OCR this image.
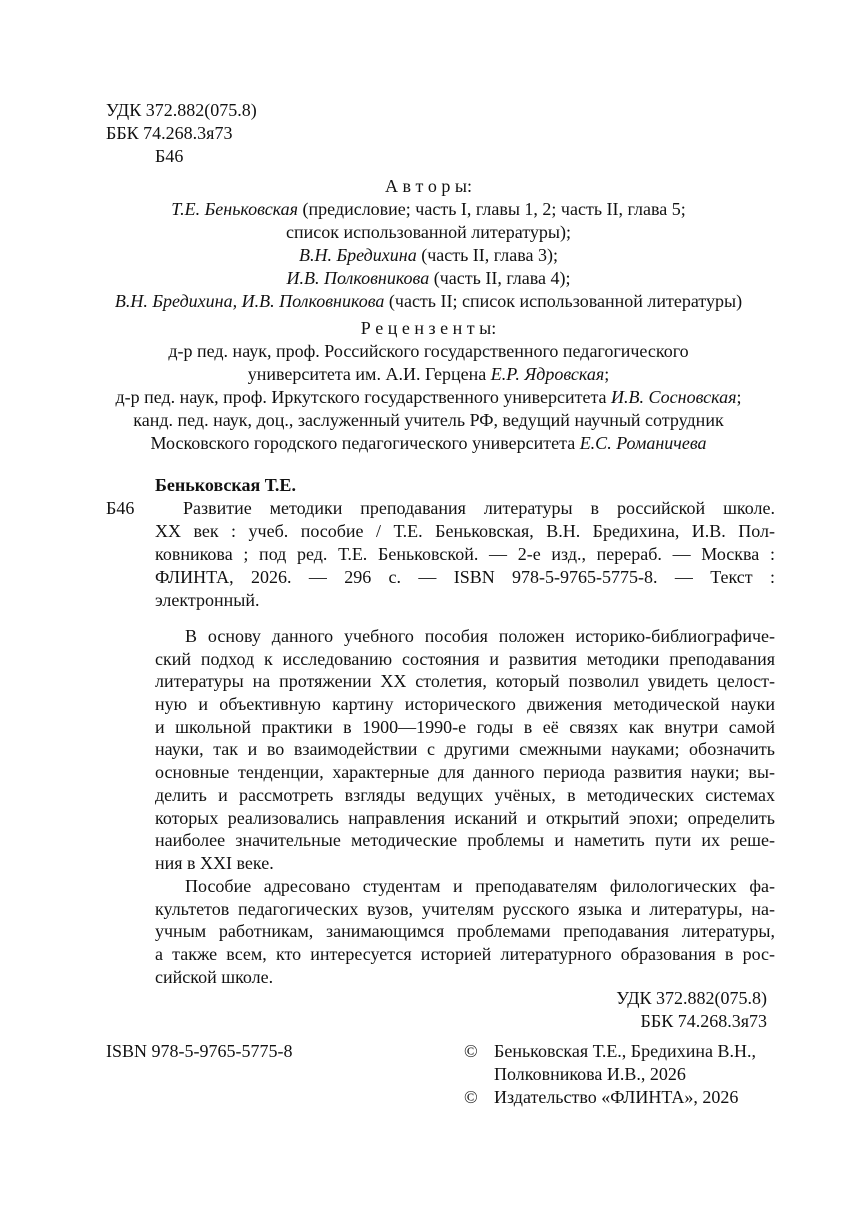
УДК 372.882(075.8)
ББК 74.268.3я73
Б46
А в т о р ы:
Т.Е. Беньковская (предисловие; часть I, главы 1, 2; часть II, глава 5;
список использованной литературы);
В.Н. Бредихина (часть II, глава 3);
И.В. Полковникова (часть II, глава 4);
В.Н. Бредихина, И.В. Полковникова (часть II; список использованной литературы)
Р е ц е н з е н т ы:
д-р пед. наук, проф. Российского государственного педагогического
университета им. А.И. Герцена Е.Р. Ядровская;
д-р пед. наук, проф. Иркутского государственного университета И.В. Сосновская;
канд. пед. наук, доц., заслуженный учитель РФ, ведущий научный сотрудник
Московского городского педагогического университета Е.С. Романичева
Беньковская Т.Е.
Б46	Развитие методики преподавания литературы в российской школе.
XX век : учеб. пособие / Т.Е. Беньковская, В.Н. Бредихина, И.В. Пол-
ковникова ; под ред. Т.Е. Беньковской. — 2-е изд., перераб. — Москва :
ФЛИНТА, 2026. — 296 с. — ISBN 978-5-9765-5775-8. — Текст :
электронный.
В основу данного учебного пособия положен историко-библиографиче-
ский подход к исследованию состояния и развития методики преподавания
литературы на протяжении XX столетия, который позволил увидеть целост-
ную и объективную картину исторического движения методической науки
и школьной практики в 1900—1990-е годы в её связях как внутри самой
науки, так и во взаимодействии с другими смежными науками; обозначить
основные тенденции, характерные для данного периода развития науки; вы-
делить и рассмотреть взгляды ведущих учёных, в методических системах
которых реализовались направления исканий и открытий эпохи; определить
наиболее значительные методические проблемы и наметить пути их реше-
ния в XXI веке.
Пособие адресовано студентам и преподавателям филологических фа-
культетов педагогических вузов, учителям русского языка и литературы, на-
учным работникам, занимающимся проблемами преподавания литературы,
а также всем, кто интересуется историей литературного образования в рос-
сийской школе.
УДК 372.882(075.8)
ББК 74.268.3я73
ISBN 978-5-9765-5775-8	© Беньковская Т.Е., Бредихина В.Н.,
Полковникова И.В., 2026
© Издательство «ФЛИНТА», 2026
